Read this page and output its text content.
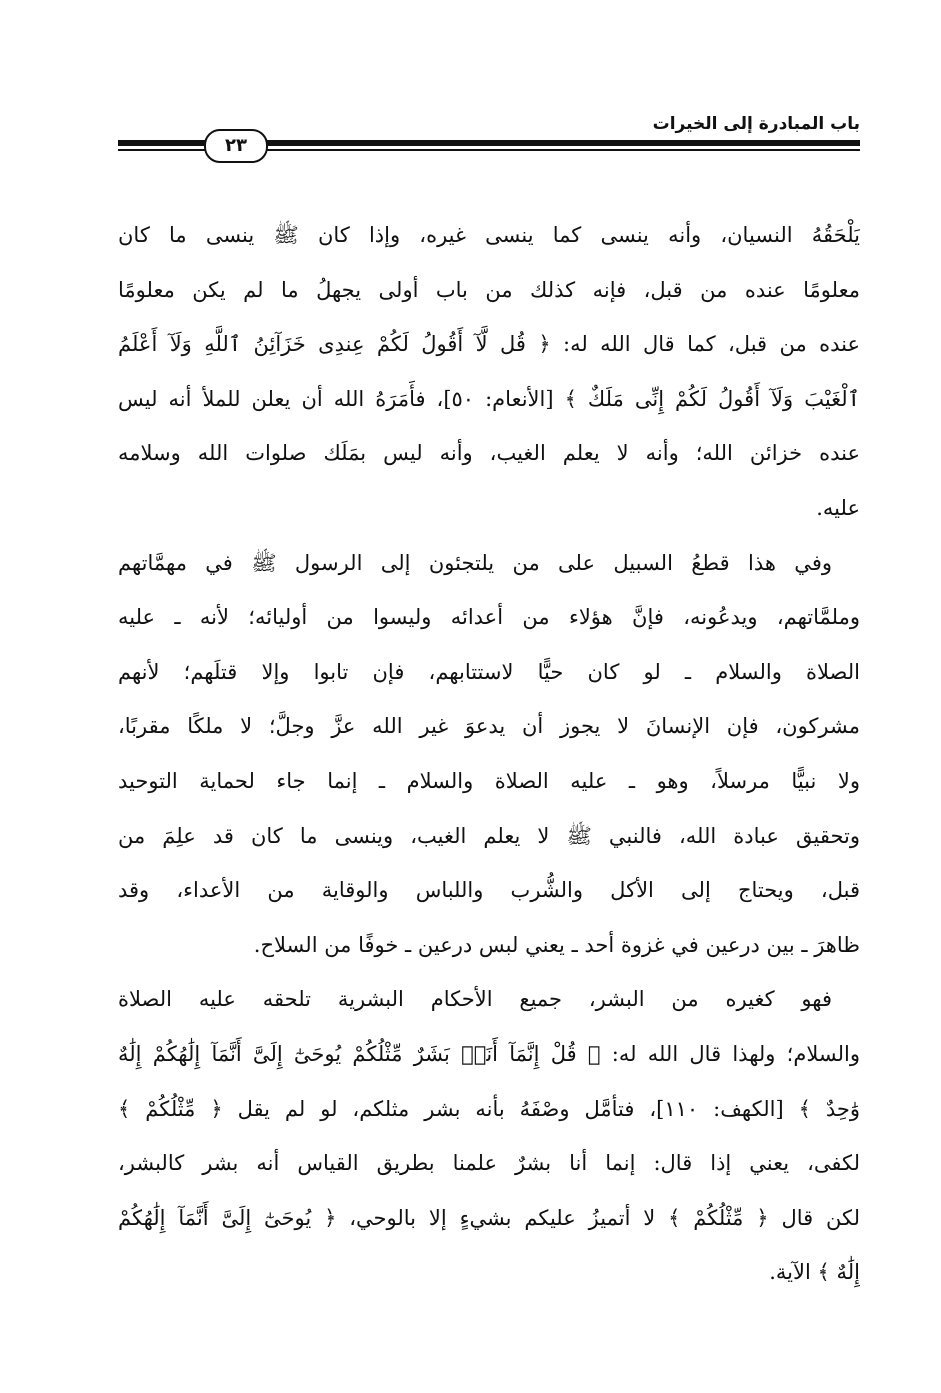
باب المبادرة إلى الخيرات
٢٣
يَلْحَقُهُ النسيان، وأنه ينسى كما ينسى غيره، وإذا كان ﷺ ينسى ما كان
معلومًا عنده من قبل، فإنه كذلك من باب أولى يجهلُ ما لم يكن معلومًا
عنده من قبل، كما قال الله له: ﴿ قُل لَّآ أَقُولُ لَكُمْ عِندِى خَزَآئِنُ ٱللَّهِ وَلَآ أَعْلَمُ
ٱلْغَيْبَ وَلَآ أَقُولُ لَكُمْ إِنِّى مَلَكٌ ﴾ [الأنعام: ٥٠]، فأَمَرَهُ الله أن يعلن للملأ أنه ليس
عنده خزائن الله؛ وأنه لا يعلم الغيب، وأنه ليس بمَلَك صلوات الله وسلامه
عليه.
وفي هذا قطعُ السبيل على من يلتجئون إلى الرسول ﷺ في مهمَّاتهم
وملمَّاتهم، ويدعُونه، فإنَّ هؤلاء من أعدائه وليسوا من أوليائه؛ لأنه ـ عليه
الصلاة والسلام ـ لو كان حيًّا لاستتابهم، فإن تابوا وإلا قتلَهم؛ لأنهم
مشركون، فإن الإنسانَ لا يجوز أن يدعوَ غير الله عزَّ وجلَّ؛ لا ملكًا مقربًا،
ولا نبيًّا مرسلاً، وهو ـ عليه الصلاة والسلام ـ إنما جاء لحماية التوحيد
وتحقيق عبادة الله، فالنبي ﷺ لا يعلم الغيب، وينسى ما كان قد علِمَ من
قبل، ويحتاج إلى الأكل والشُّرب واللباس والوقاية من الأعداء، وقد
ظاهرَ ـ بين درعين في غزوة أحد ـ يعني لبس درعين ـ خوفًا من السلاح.
فهو كغيره من البشر، جميع الأحكام البشرية تلحقه عليه الصلاة
والسلام؛ ولهذا قال الله له: ﴿ قُلْ إِنَّمَآ أَنَا۠ بَشَرٌ مِّثْلُكُمْ يُوحَىٰٓ إِلَىَّ أَنَّمَآ إِلَٰهُكُمْ إِلَٰهٌ
وَٰحِدٌ ﴾ [الكهف: ١١٠]، فتأمَّل وصْفَهُ بأنه بشر مثلكم، لو لم يقل ﴿ مِّثْلُكُمْ ﴾
لكفى، يعني إذا قال: إنما أنا بشرٌ علمنا بطريق القياس أنه بشر كالبشر،
لكن قال ﴿ مِّثْلُكُمْ ﴾ لا أتميزُ عليكم بشيءٍ إلا بالوحي، ﴿ يُوحَىٰٓ إِلَىَّ أَنَّمَآ إِلَٰهُكُمْ
إِلَٰهٌ ﴾ الآية.
